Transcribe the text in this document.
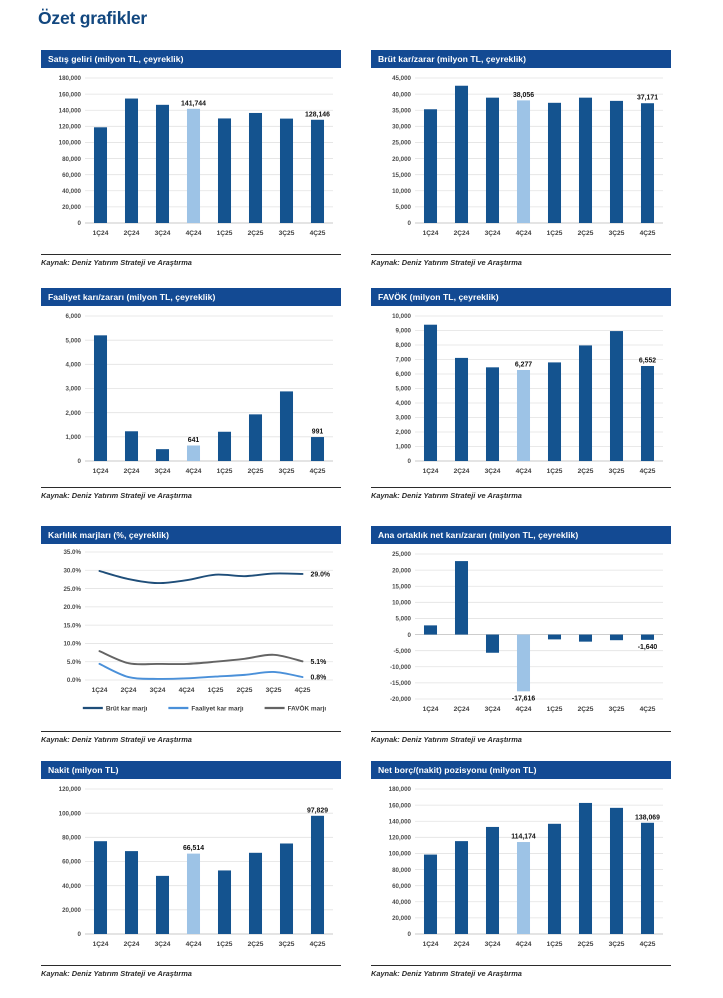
Özet grafikler
Satış geliri (milyon TL, çeyreklik)
0
20,000
40,000
60,000
80,000
100,000
120,000
140,000
160,000
180,000
1Ç24 2Ç24 3Ç24 4Ç24
141,744
1Ç25 2Ç25 3Ç25 4Ç25
128,146
Kaynak: Deniz Yatırım Strateji ve Araştırma
Brüt kar/zarar (milyon TL, çeyreklik)
0
5,000
10,000
15,000
20,000
25,000
30,000
35,000
40,000
45,000
1Ç24 2Ç24 3Ç24 4Ç24
38,056
1Ç25 2Ç25 3Ç25 4Ç25
37,171
Kaynak: Deniz Yatırım Strateji ve Araştırma
Faaliyet karı/zararı (milyon TL, çeyreklik)
0
1,000
2,000
3,000
4,000
5,000
6,000
1Ç24 2Ç24 3Ç24 4Ç24
641
1Ç25 2Ç25 3Ç25 4Ç25
991
Kaynak: Deniz Yatırım Strateji ve Araştırma
FAVÖK (milyon TL, çeyreklik)
0
1,000
2,000
3,000
4,000
5,000
6,000
7,000
8,000
9,000
10,000
1Ç24 2Ç24 3Ç24 4Ç24
6,277
1Ç25 2Ç25 3Ç25 4Ç25
6,552
Kaynak: Deniz Yatırım Strateji ve Araştırma
Karlılık marjları (%, çeyreklik)
0.0%
5.0%
10.0%
15.0%
20.0%
25.0%
30.0%
35.0%
1Ç24 2Ç24 3Ç24 4Ç24 1Ç25 2Ç25 3Ç25 4Ç25
29.0%
0.8%
5.1%
Brüt kar marjı	Faaliyet kar marjı	FAVÖK marjı
Kaynak: Deniz Yatırım Strateji ve Araştırma
Ana ortaklık net karı/zararı (milyon TL, çeyreklik)
-20,000
-15,000
-10,000
-5,000
0
5,000
10,000
15,000
20,000
25,000
1Ç24 2Ç24 3Ç24 4Ç24
-17,616
1Ç25 2Ç25 3Ç25 4Ç25
-1,640
Kaynak: Deniz Yatırım Strateji ve Araştırma
Nakit (milyon TL)
0
20,000
40,000
60,000
80,000
100,000
120,000
1Ç24 2Ç24 3Ç24 4Ç24
66,514
1Ç25 2Ç25 3Ç25 4Ç25
97,829
Kaynak: Deniz Yatırım Strateji ve Araştırma
Net borç/(nakit) pozisyonu (milyon TL)
0
20,000
40,000
60,000
80,000
100,000
120,000
140,000
160,000
180,000
1Ç24 2Ç24 3Ç24 4Ç24
114,174
1Ç25 2Ç25 3Ç25 4Ç25
138,069
Kaynak: Deniz Yatırım Strateji ve Araştırma
